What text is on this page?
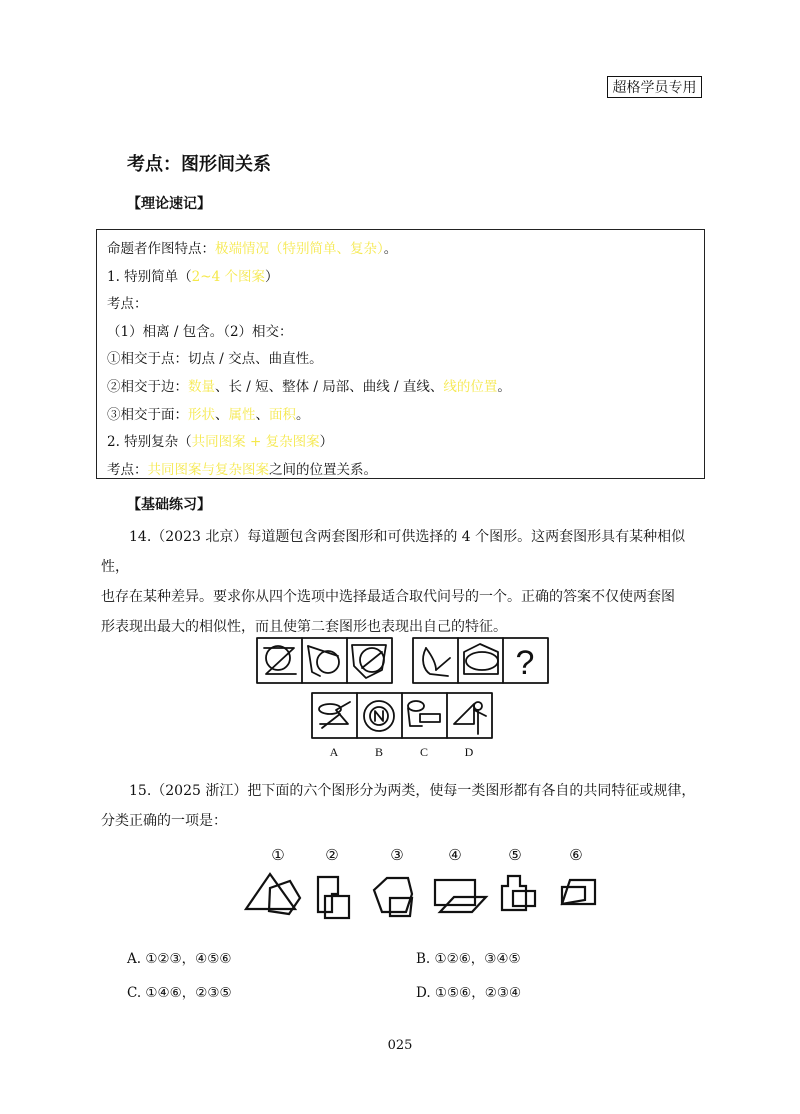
超格学员专用
考点：图形间关系
【理论速记】
命题者作图特点：极端情况（特别简单、复杂）。
1. 特别简单（2~4 个图案）
考点：
（1）相离 / 包含。（2）相交：
①相交于点：切点 / 交点、曲直性。
②相交于边：数量、长 / 短、整体 / 局部、曲线 / 直线、线的位置。
③相交于面：形状、属性、面积。
2. 特别复杂（共同图案 + 复杂图案）
考点：共同图案与复杂图案之间的位置关系。
【基础练习】

14.（2023 北京）每道题包含两套图形和可供选择的 4 个图形。这两套图形具有某种相似性，

也存在某种差异。要求你从四个选项中选择最适合取代问号的一个。正确的答案不仅使两套图

形表现出最大的相似性，而且使第二套图形也表现出自己的特征。

?
A	B	C	D

15.（2025 浙江）把下面的六个图形分为两类，使每一类图形都有各自的共同特征或规律，

分类正确的一项是：

①	②	③	④	⑤	⑥
A. ①②③，④⑤⑥	B. ①②⑥，③④⑤
C. ①④⑥，②③⑤	D. ①⑤⑥，②③④
025
